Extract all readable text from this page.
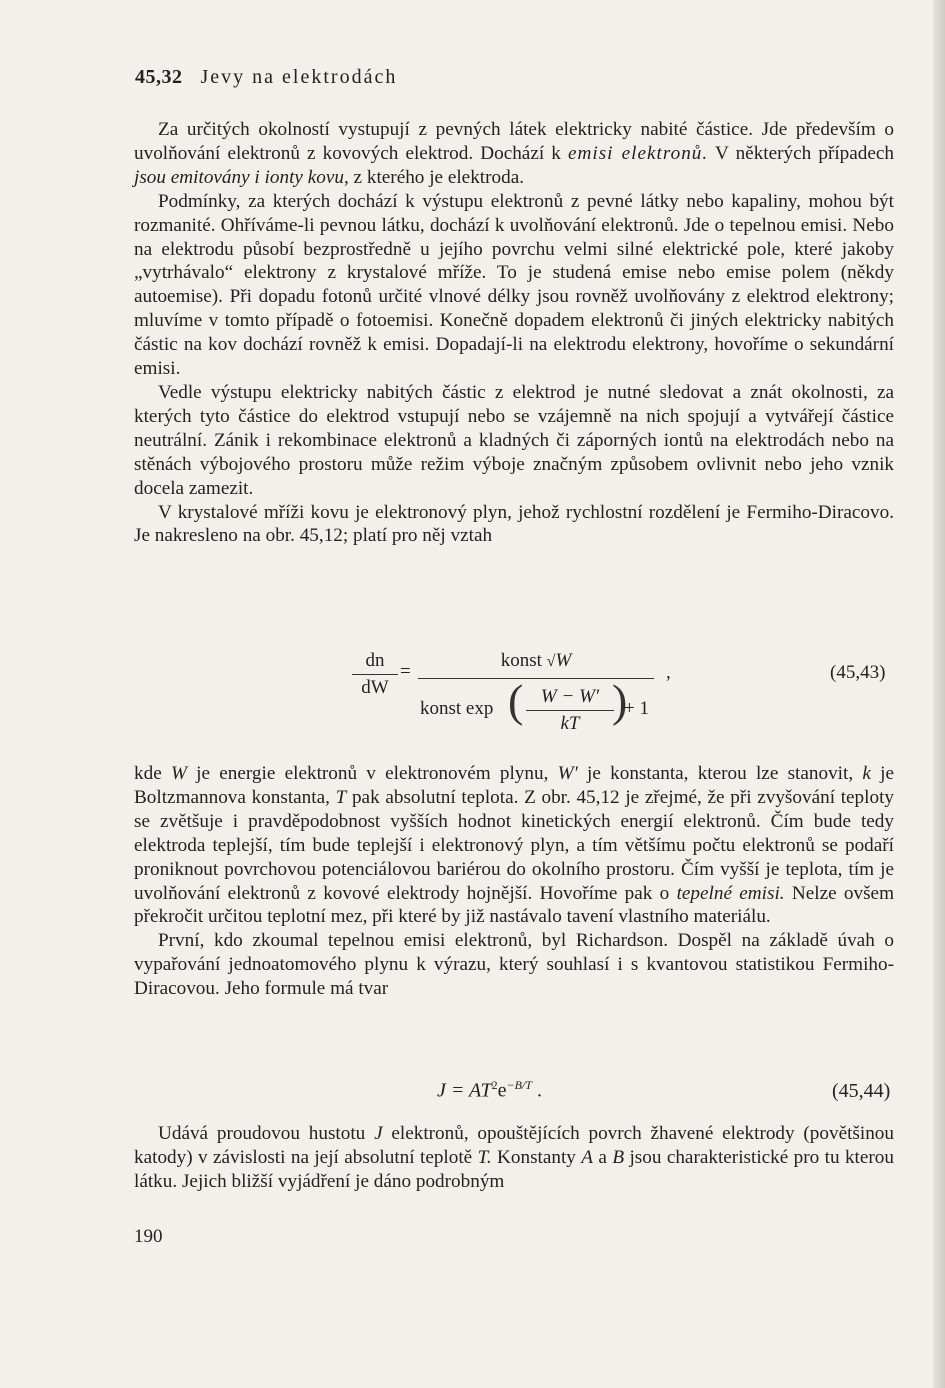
45,32 Jevy na elektrodách

Za určitých okolností vystupují z pevných látek elektricky nabité částice. Jde především o uvolňování elektronů z kovových elektrod. Dochází k emisi elektronů. V některých případech jsou emitovány i ionty kovu, z kterého je elektroda.

Podmínky, za kterých dochází k výstupu elektronů z pevné látky nebo kapaliny, mohou být rozmanité. Ohříváme-li pevnou látku, dochází k uvolňování elektronů. Jde o tepelnou emisi. Nebo na elektrodu působí bezprostředně u jejího povrchu velmi silné elektrické pole, které jakoby „vytrhávalo“ elektrony z krystalové mříže. To je studená emise nebo emise polem (někdy autoemise). Při dopadu fotonů určité vlnové délky jsou rovněž uvolňovány z elektrod elektrony; mluvíme v tomto případě o fotoemisi. Konečně dopadem elektronů či jiných elektricky nabitých částic na kov dochází rovněž k emisi. Dopadají-li na elektrodu elektrony, hovoříme o sekundární emisi.

Vedle výstupu elektricky nabitých částic z elektrod je nutné sledovat a znát okolnosti, za kterých tyto částice do elektrod vstupují nebo se vzájemně na nich spojují a vytvářejí částice neutrální. Zánik i rekombinace elektronů a kladných či záporných iontů na elektrodách nebo na stěnách výbojového prostoru může režim výboje značným způsobem ovlivnit nebo jeho vznik docela zamezit.

V krystalové mříži kovu je elektronový plyn, jehož rychlostní rozdělení je Fermiho-Diracovo. Je nakresleno na obr. 45,12; platí pro něj vztah

dn
dW
=
konst √W
konst exp ( W − W′
kT )
+ 1
,	(45,43)

kde W je energie elektronů v elektronovém plynu, W′ je konstanta, kterou lze stanovit, k je Boltzmannova konstanta, T pak absolutní teplota. Z obr. 45,12 je zřejmé, že při zvyšování teploty se zvětšuje i pravděpodobnost vyšších hodnot kinetických energií elektronů. Čím bude tedy elektroda teplejší, tím bude teplejší i elektronový plyn, a tím většímu počtu elektronů se podaří proniknout povrchovou potenciálovou bariérou do okolního prostoru. Čím vyšší je teplota, tím je uvolňování elektronů z kovové elektrody hojnější. Hovoříme pak o tepelné emisi. Nelze ovšem překročit určitou teplotní mez, při které by již nastávalo tavení vlastního materiálu.

První, kdo zkoumal tepelnou emisi elektronů, byl Richardson. Dospěl na základě úvah o vypařování jednoatomového plynu k výrazu, který souhlasí i s kvantovou statistikou Fermiho-Diracovou. Jeho formule má tvar

$J = AT^2e^{-B/T}$ .	(45,44)

Udává proudovou hustotu J elektronů, opouštějících povrch žhavené elektrody (povětšinou katody) v závislosti na její absolutní teplotě T. Konstanty A a B jsou charakteristické pro tu kterou látku. Jejich bližší vyjádření je dáno podrobným

190
